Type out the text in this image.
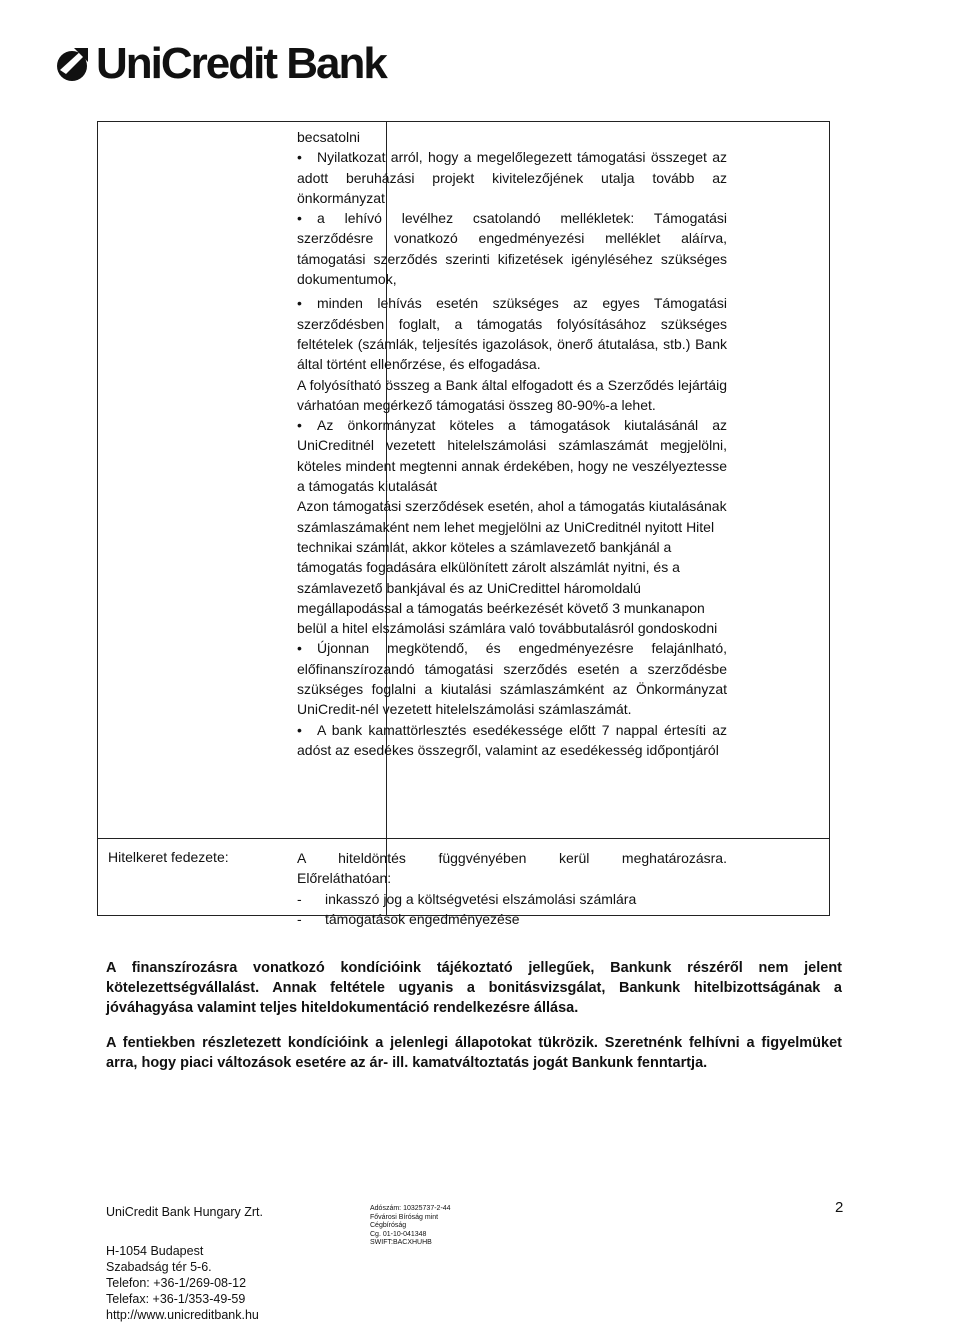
UniCredit Bank
Hitelkeret fedezete:

becsatolni

• Nyilatkozat arról, hogy a megelőlegezett támogatási összeget az adott beruházási projekt kivitelezőjének utalja tovább az önkormányzat

• a lehívó levélhez csatolandó mellékletek: Támogatási szerződésre vonatkozó engedményezési melléklet aláírva, támogatási szerződés szerinti kifizetések igényléséhez szükséges dokumentumok,

• minden lehívás esetén szükséges az egyes Támogatási szerződésben foglalt, a támogatás folyósításához szükséges feltételek (számlák, teljesítés igazolások, önerő átutalása, stb.) Bank által történt ellenőrzése, és elfogadása.

A folyósítható összeg a Bank által elfogadott és a Szerződés lejártáig várhatóan megérkező támogatási összeg 80-90%-a lehet.

• Az önkormányzat köteles a támogatások kiutalásánál az UniCreditnél vezetett hitelelszámolási számlaszámát megjelölni, köteles mindent megtenni annak érdekében, hogy ne veszélyeztesse a támogatás kiutalását

Azon támogatási szerződések esetén, ahol a támogatás kiutalásának számlaszámaként nem lehet megjelölni az UniCreditnél nyitott Hitel technikai számlát, akkor köteles a számlavezető bankjánál a támogatás fogadására elkülönített zárolt alszámlát nyitni, és a számlavezető bankjával és az UniCredittel háromoldalú megállapodással a támogatás beérkezését követő 3 munkanapon belül a hitel elszámolási számlára való továbbutalásról gondoskodni

• Újonnan megkötendő, és engedményezésre felajánlható, előfinanszírozandó támogatási szerződés esetén a szerződésbe szükséges foglalni a kiutalási számlaszámként az Önkormányzat UniCredit-nél vezetett hitelelszámolási számlaszámát.

• A bank kamattörlesztés esedékessége előtt 7 nappal értesíti az adóst az esedékes összegről, valamint az esedékesség időpontjáról

A hiteldöntés függvényében kerül meghatározásra.

Előreláthatóan:

- inkasszó jog a költségvetési elszámolási számlára

- támogatások engedményezése

A finanszírozásra vonatkozó kondícióink tájékoztató jellegűek, Bankunk részéről nem jelent kötelezettségvállalást. Annak feltétele ugyanis a bonitásvizsgálat, Bankunk hitelbizottságának a jóváhagyása valamint teljes hiteldokumentáció rendelkezésre állása.
A fentiekben részletezett kondícióink a jelenlegi állapotokat tükrözik. Szeretnénk felhívni a figyelmüket arra, hogy piaci változások esetére az ár- ill. kamatváltoztatás jogát Bankunk fenntartja.

UniCredit Bank Hungary Zrt.

H-1054 Budapest

Szabadság tér 5-6.

Telefon: +36-1/269-08-12

Telefax: +36-1/353-49-59

http://www.unicreditbank.hu

Adószám: 10325737-2-44

Fővárosi Bíróság mint

Cégbíróság

Cg. 01-10-041348

SWIFT:BACXHUHB

2
